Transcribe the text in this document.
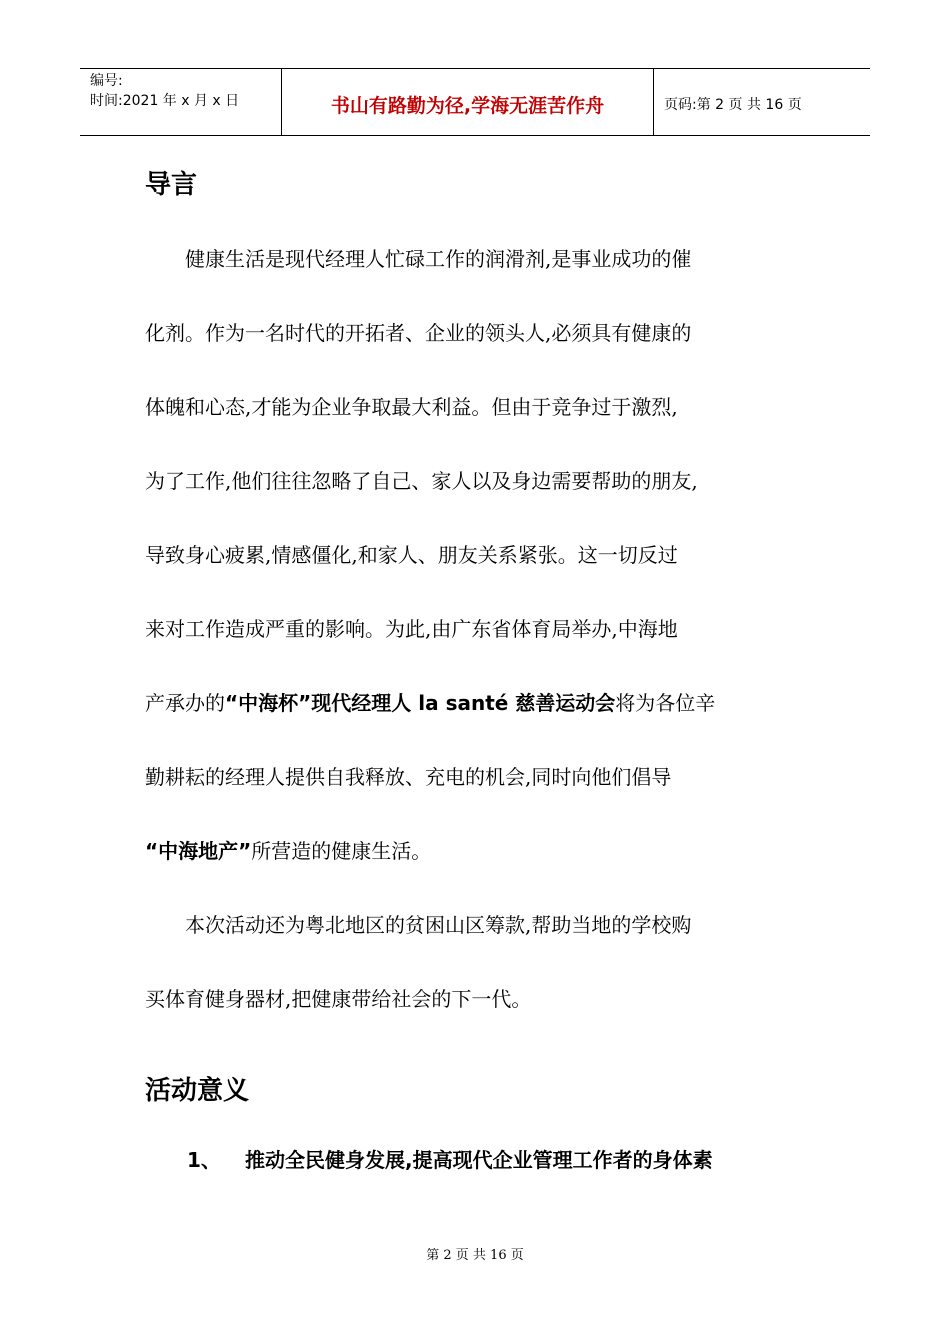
编号:
时间:2021 年 x 月 x 日	书山有路勤为径,学海无涯苦作舟	页码:第 2 页 共 16 页
导言

　　健康生活是现代经理人忙碌工作的润滑剂,是事业成功的催

化剂。作为一名时代的开拓者、企业的领头人,必须具有健康的

体魄和心态,才能为企业争取最大利益。但由于竞争过于激烈,

为了工作,他们往往忽略了自己、家人以及身边需要帮助的朋友,

导致身心疲累,情感僵化,和家人、朋友关系紧张。这一切反过

来对工作造成严重的影响。为此,由广东省体育局举办,中海地

产承办的“中海杯”现代经理人 la santé 慈善运动会将为各位辛

勤耕耘的经理人提供自我释放、充电的机会,同时向他们倡导

“中海地产”所营造的健康生活。

　　本次活动还为粤北地区的贫困山区筹款,帮助当地的学校购

买体育健身器材,把健康带给社会的下一代。

活动意义

1、 推动全民健身发展,提高现代企业管理工作者的身体素

第 2 页 共 16 页
